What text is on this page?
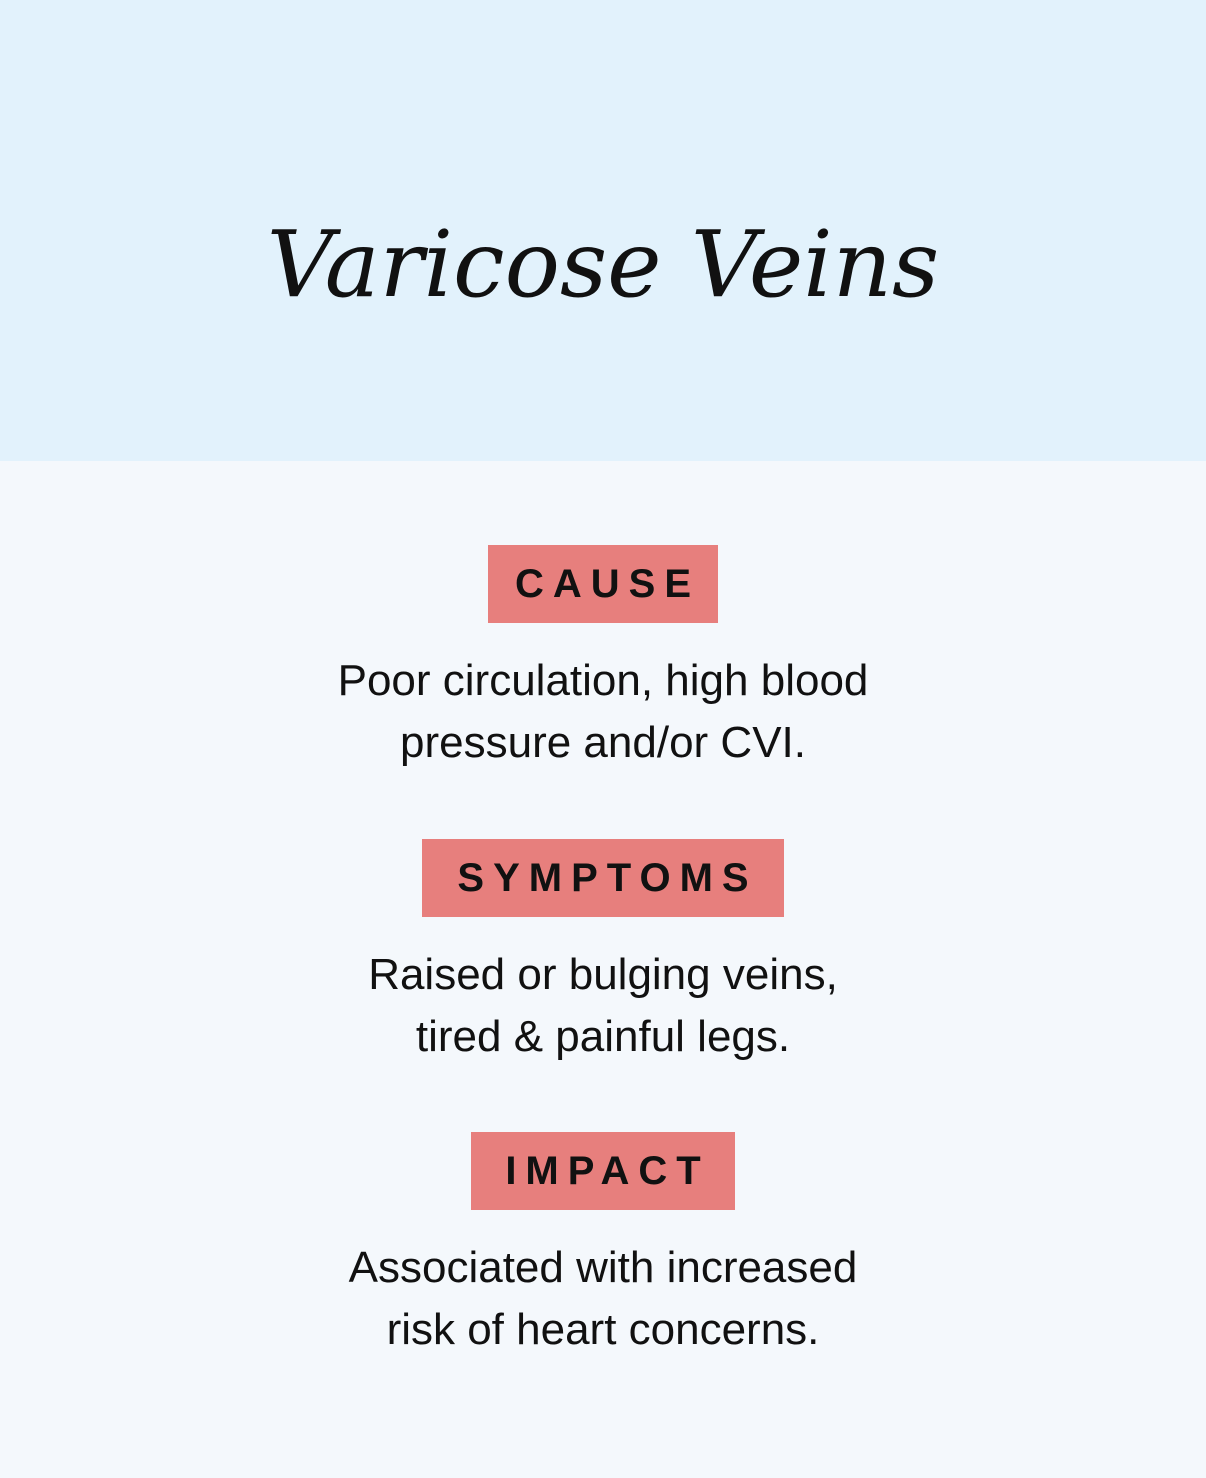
Varicose Veins
CAUSE
Poor circulation, high blood
pressure and/or CVI.
SYMPTOMS
Raised or bulging veins,
tired & painful legs.
IMPACT
Associated with increased
risk of heart concerns.
